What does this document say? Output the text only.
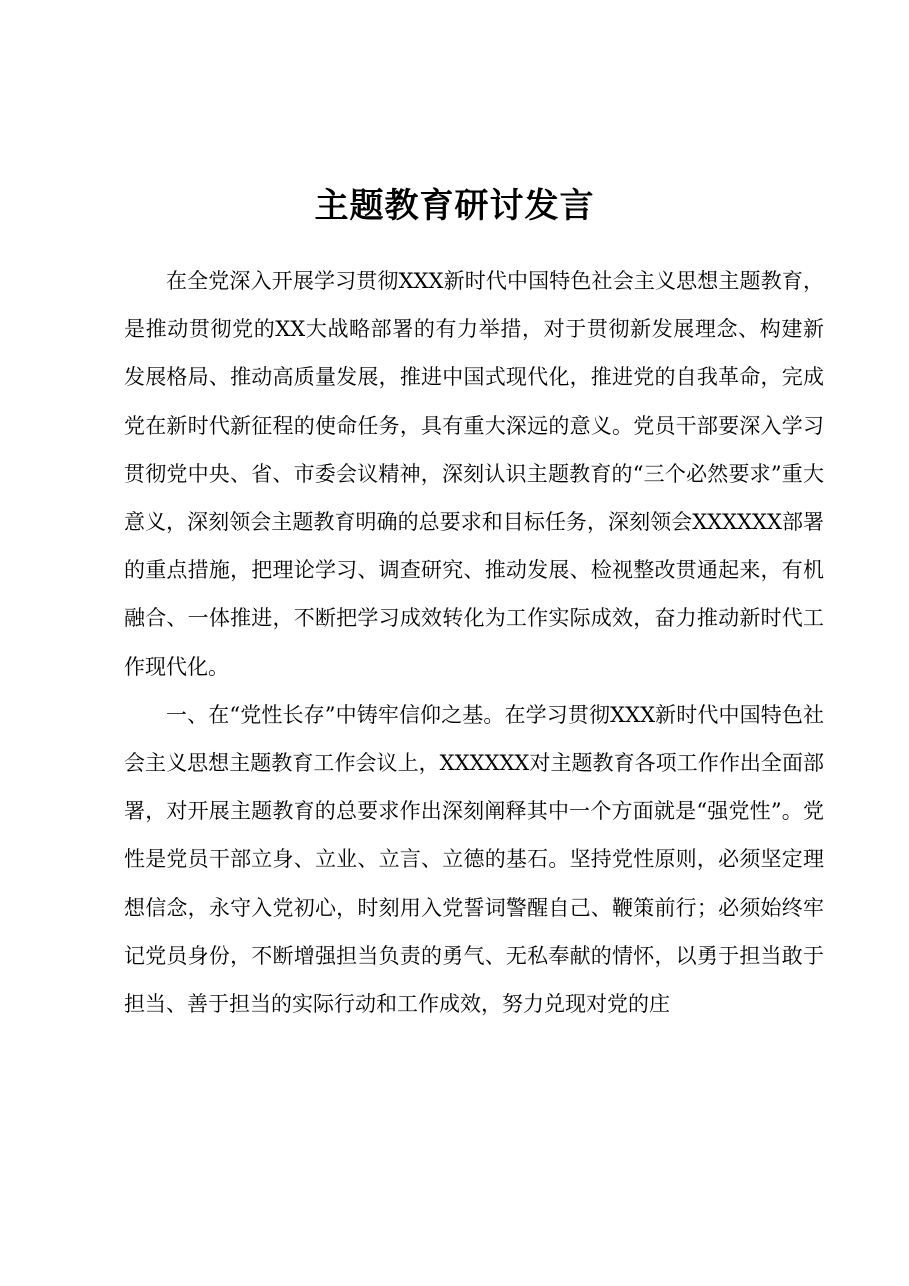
主题教育研讨发言

在全党深入开展学习贯彻XXX新时代中国特色社会主义思想主题教育，是推动贯彻党的XX大战略部署的有力举措，对于贯彻新发展理念、构建新发展格局、推动高质量发展，推进中国式现代化，推进党的自我革命，完成党在新时代新征程的使命任务，具有重大深远的意义。党员干部要深入学习贯彻党中央、省、市委会议精神，深刻认识主题教育的“三个必然要求”重大意义，深刻领会主题教育明确的总要求和目标任务，深刻领会XXXXXX部署的重点措施，把理论学习、调查研究、推动发展、检视整改贯通起来，有机融合、一体推进，不断把学习成效转化为工作实际成效，奋力推动新时代工作现代化。

一、在“党性长存”中铸牢信仰之基。在学习贯彻XXX新时代中国特色社会主义思想主题教育工作会议上，XXXXXX对主题教育各项工作作出全面部署，对开展主题教育的总要求作出深刻阐释其中一个方面就是“强党性”。党性是党员干部立身、立业、立言、立德的基石。坚持党性原则，必须坚定理想信念，永守入党初心，时刻用入党誓词警醒自己、鞭策前行；必须始终牢记党员身份，不断增强担当负责的勇气、无私奉献的情怀，以勇于担当敢于担当、善于担当的实际行动和工作成效，努力兑现对党的庄
